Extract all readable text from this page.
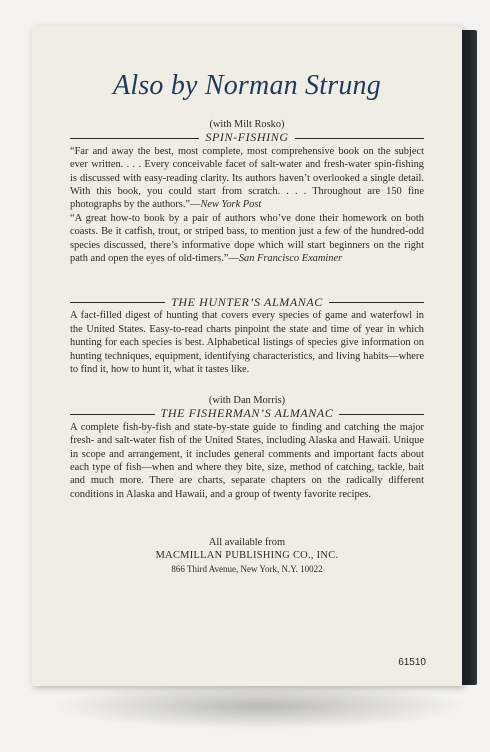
Also by Norman Strung
(with Milt Rosko)
SPIN-FISHING

“Far and away the best, most complete, most comprehensive book on the subject ever written. . . . Every conceivable facet of salt-water and fresh-water spin-fishing is discussed with easy-reading clarity. Its authors haven’t overlooked a single detail. With this book, you could start from scratch. . . . Throughout are 150 fine photographs by the authors.”—New York Post

“A great how-to book by a pair of authors who’ve done their homework on both coasts. Be it catfish, trout, or striped bass, to mention just a few of the hundred-odd species discussed, there’s informative dope which will start beginners on the right path and open the eyes of old-timers.”—San Francisco Examiner

THE HUNTER’S ALMANAC

A fact-filled digest of hunting that covers every species of game and waterfowl in the United States. Easy-to-read charts pinpoint the state and time of year in which hunting for each species is best. Alphabetical listings of species give information on hunting techniques, equipment, identifying characteristics, and living habits—where to find it, how to hunt it, what it tastes like.

(with Dan Morris)
THE FISHERMAN’S ALMANAC

A complete fish-by-fish and state-by-state guide to finding and catching the major fresh- and salt-water fish of the United States, including Alaska and Hawaii. Unique in scope and arrangement, it includes general comments and important facts about each type of fish—when and where they bite, size, method of catching, tackle, bait and much more. There are charts, separate chapters on the radically different conditions in Alaska and Hawaii, and a group of twenty favorite recipes.

All available from
MACMILLAN PUBLISHING CO., INC.
866 Third Avenue, New York, N.Y. 10022
61510
